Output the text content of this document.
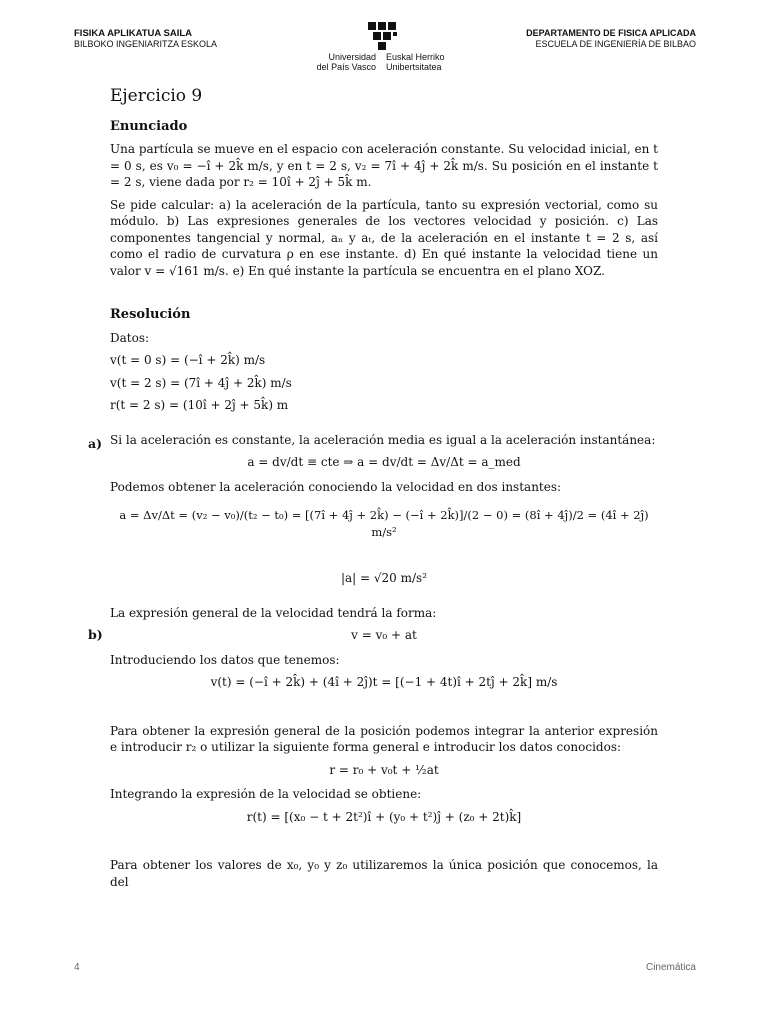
FISIKA APLIKATUA SAILA
BILBOKO INGENIARITZA ESKOLA
Universidad
del País Vasco
Euskal Herriko
Unibertsitatea
DEPARTAMENTO DE FISICA APLICADA
ESCUELA DE INGENIERÍA DE BILBAO
Ejercicio 9
Enunciado

Una partícula se mueve en el espacio con aceleración constante. Su velocidad inicial, en t = 0 s, es v₀ = −î + 2k̂ m/s, y en t = 2 s, v₂ = 7î + 4ĵ + 2k̂ m/s. Su posición en el instante t = 2 s, viene dada por r₂ = 10î + 2ĵ + 5k̂ m.

Se pide calcular: a) la aceleración de la partícula, tanto su expresión vectorial, como su módulo. b) Las expresiones generales de los vectores velocidad y posición. c) Las componentes tangencial y normal, aₙ y aₜ, de la aceleración en el instante t = 2 s, así como el radio de curvatura ρ en ese instante. d) En qué instante la velocidad tiene un valor v = √161 m/s. e) En qué instante la partícula se encuentra en el plano XOZ.

Resolución
Datos:
v(t = 0 s) = (−î + 2k̂) m/s
v(t = 2 s) = (7î + 4ĵ + 2k̂) m/s
r(t = 2 s) = (10î + 2ĵ + 5k̂) m

Si la aceleración es constante, la aceleración media es igual a la aceleración instantánea:

a = dv/dt ≡ cte ⇒ a = dv/dt = Δv/Δt = a_med

Podemos obtener la aceleración conociendo la velocidad en dos instantes:

a = Δv/Δt = (v₂ − v₀)/(t₂ − t₀) = [(7î + 4ĵ + 2k̂) − (−î + 2k̂)]/(2 − 0) = (8î + 4ĵ)/2 = (4î + 2ĵ) m/s²
|a| = √20 m/s²

La expresión general de la velocidad tendrá la forma:

v = v₀ + at

Introduciendo los datos que tenemos:

v(t) = (−î + 2k̂) + (4î + 2ĵ)t = [(−1 + 4t)î + 2tĵ + 2k̂] m/s

Para obtener la expresión general de la posición podemos integrar la anterior expresión e introducir r₂ o utilizar la siguiente forma general e introducir los datos conocidos:

r = r₀ + v₀t + ½at

Integrando la expresión de la velocidad se obtiene:

r(t) = [(x₀ − t + 2t²)î + (y₀ + t²)ĵ + (z₀ + 2t)k̂]

Para obtener los valores de x₀, y₀ y z₀ utilizaremos la única posición que conocemos, la del

a)
b)
4	Cinemática
